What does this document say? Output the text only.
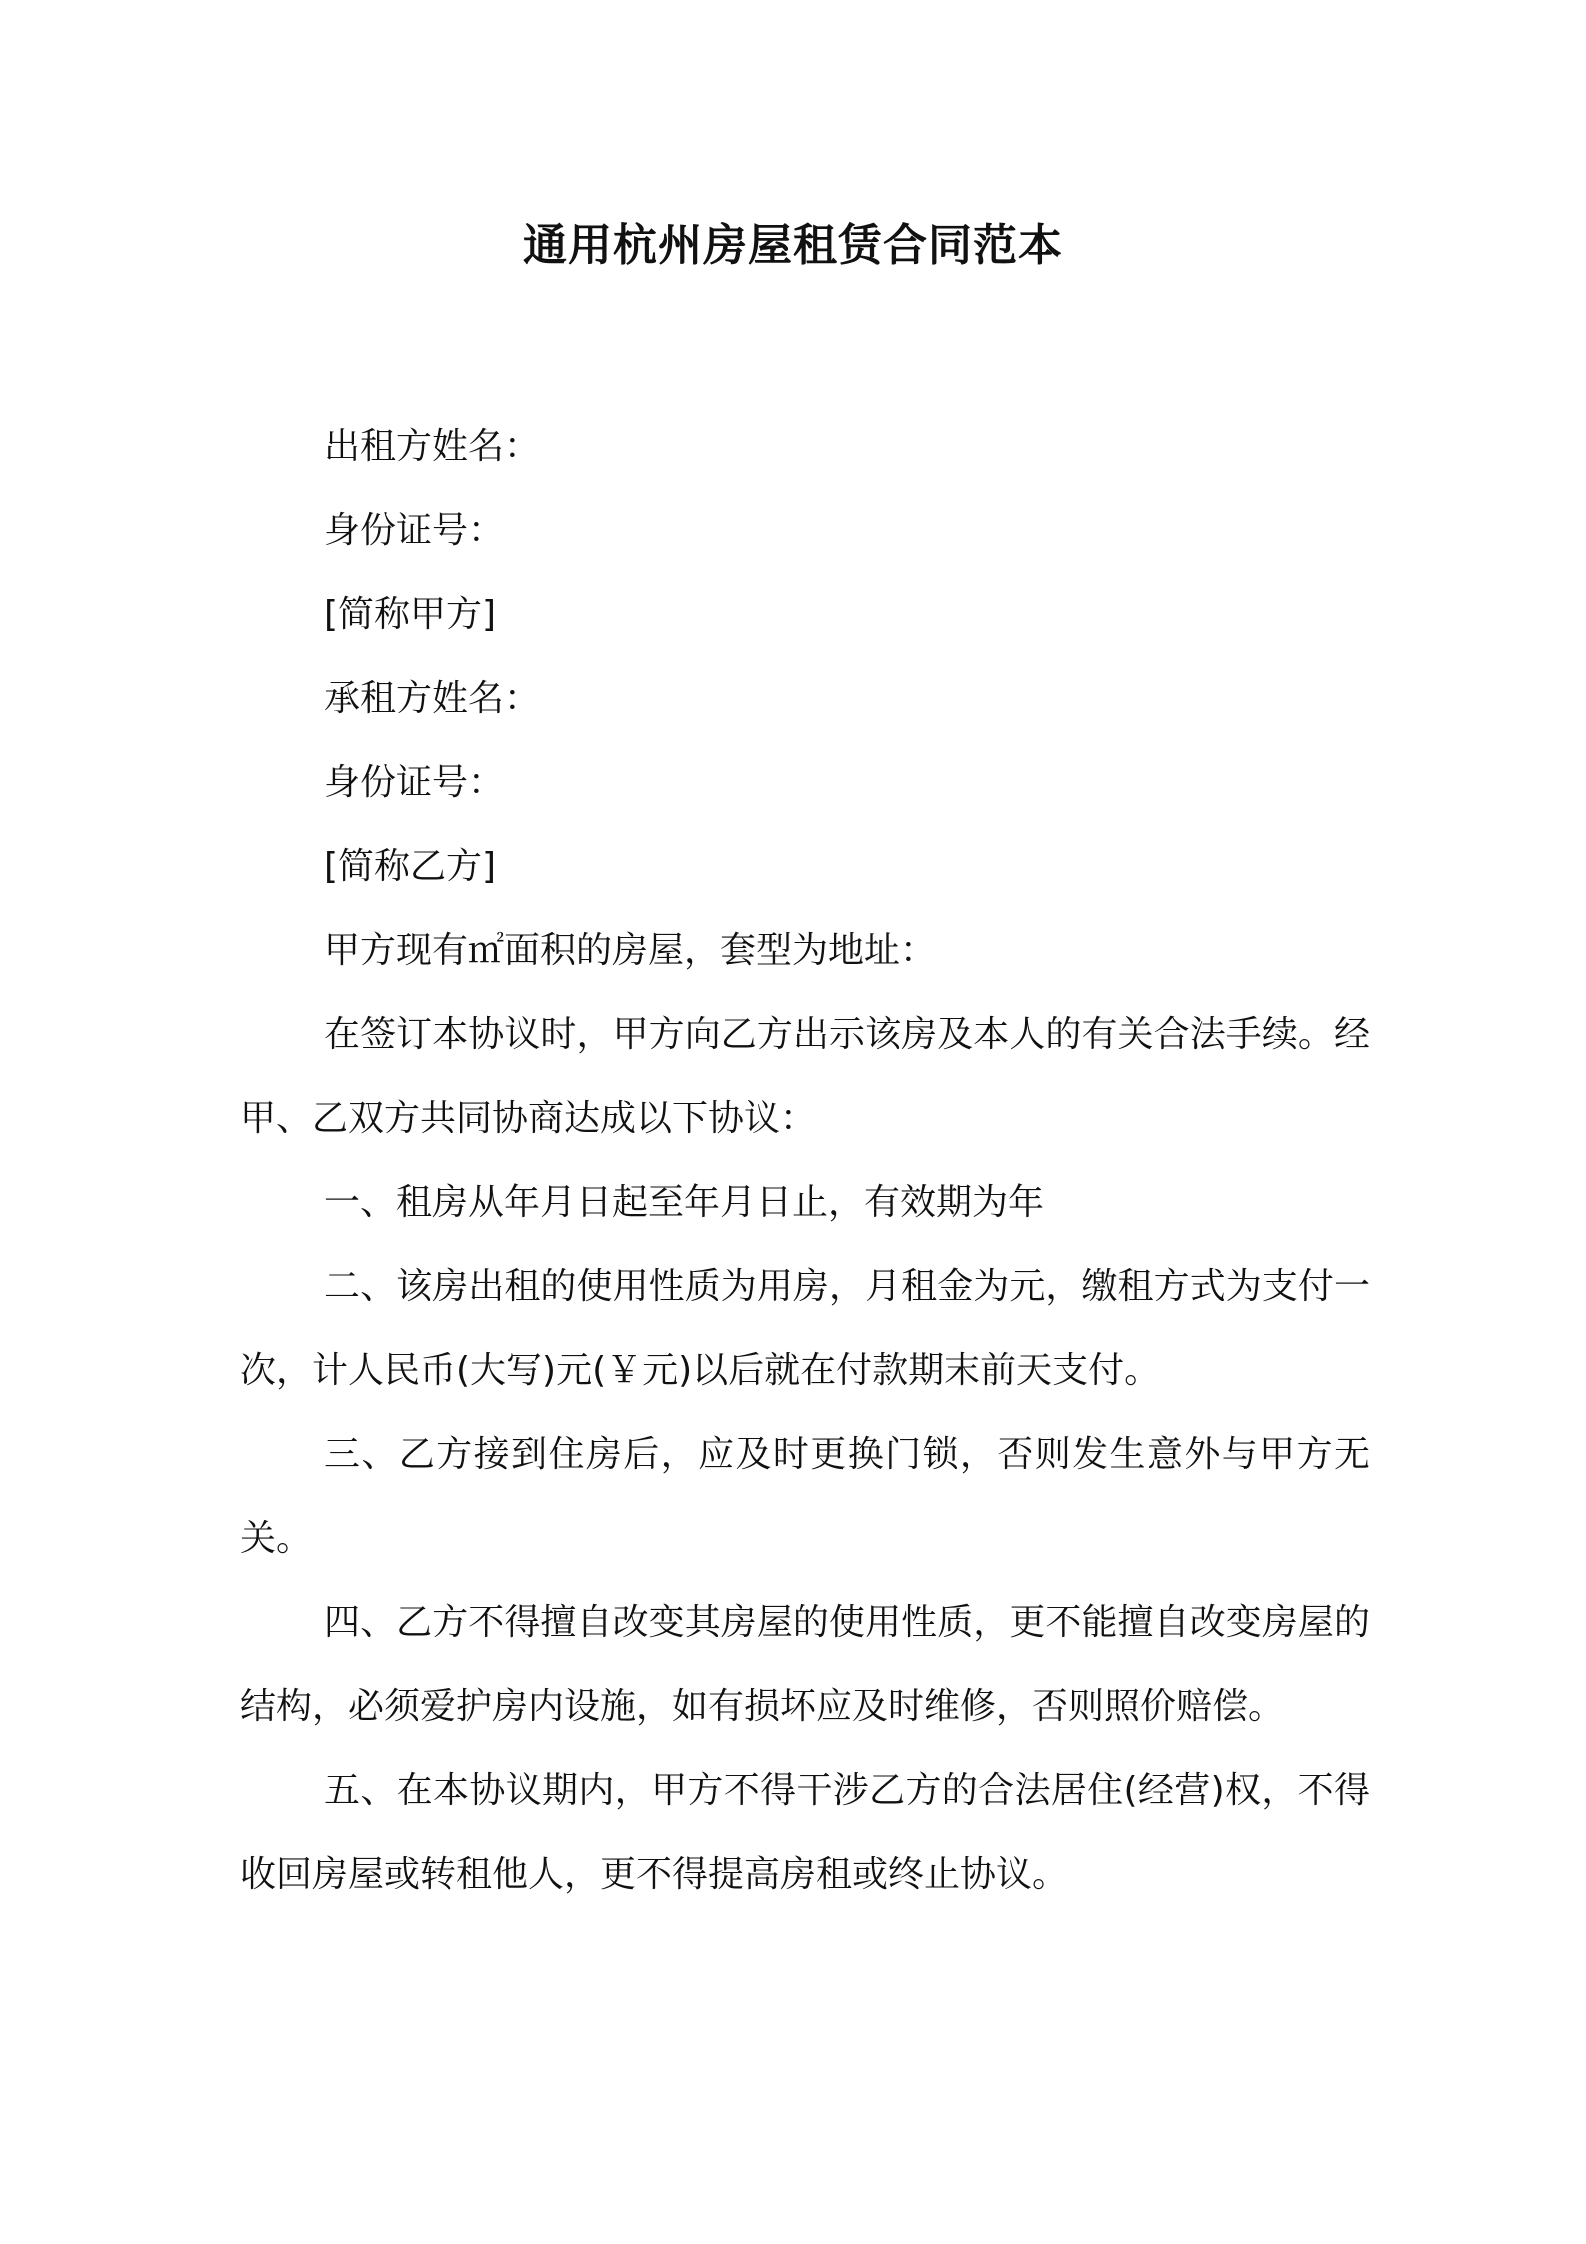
通用杭州房屋租赁合同范本

出租方姓名：

身份证号：

[简称甲方]

承租方姓名：

身份证号：

[简称乙方]

甲方现有㎡面积的房屋，套型为地址：

在签订本协议时，甲方向乙方出示该房及本人的有关合法手续。经甲、乙双方共同协商达成以下协议：

一、租房从年月日起至年月日止，有效期为年

二、该房出租的使用性质为用房，月租金为元，缴租方式为支付一次，计人民币(大写)元(￥元)以后就在付款期末前天支付。

三、乙方接到住房后，应及时更换门锁，否则发生意外与甲方无关。

四、乙方不得擅自改变其房屋的使用性质，更不能擅自改变房屋的结构，必须爱护房内设施，如有损坏应及时维修，否则照价赔偿。

五、在本协议期内，甲方不得干涉乙方的合法居住(经营)权，不得收回房屋或转租他人，更不得提高房租或终止协议。
